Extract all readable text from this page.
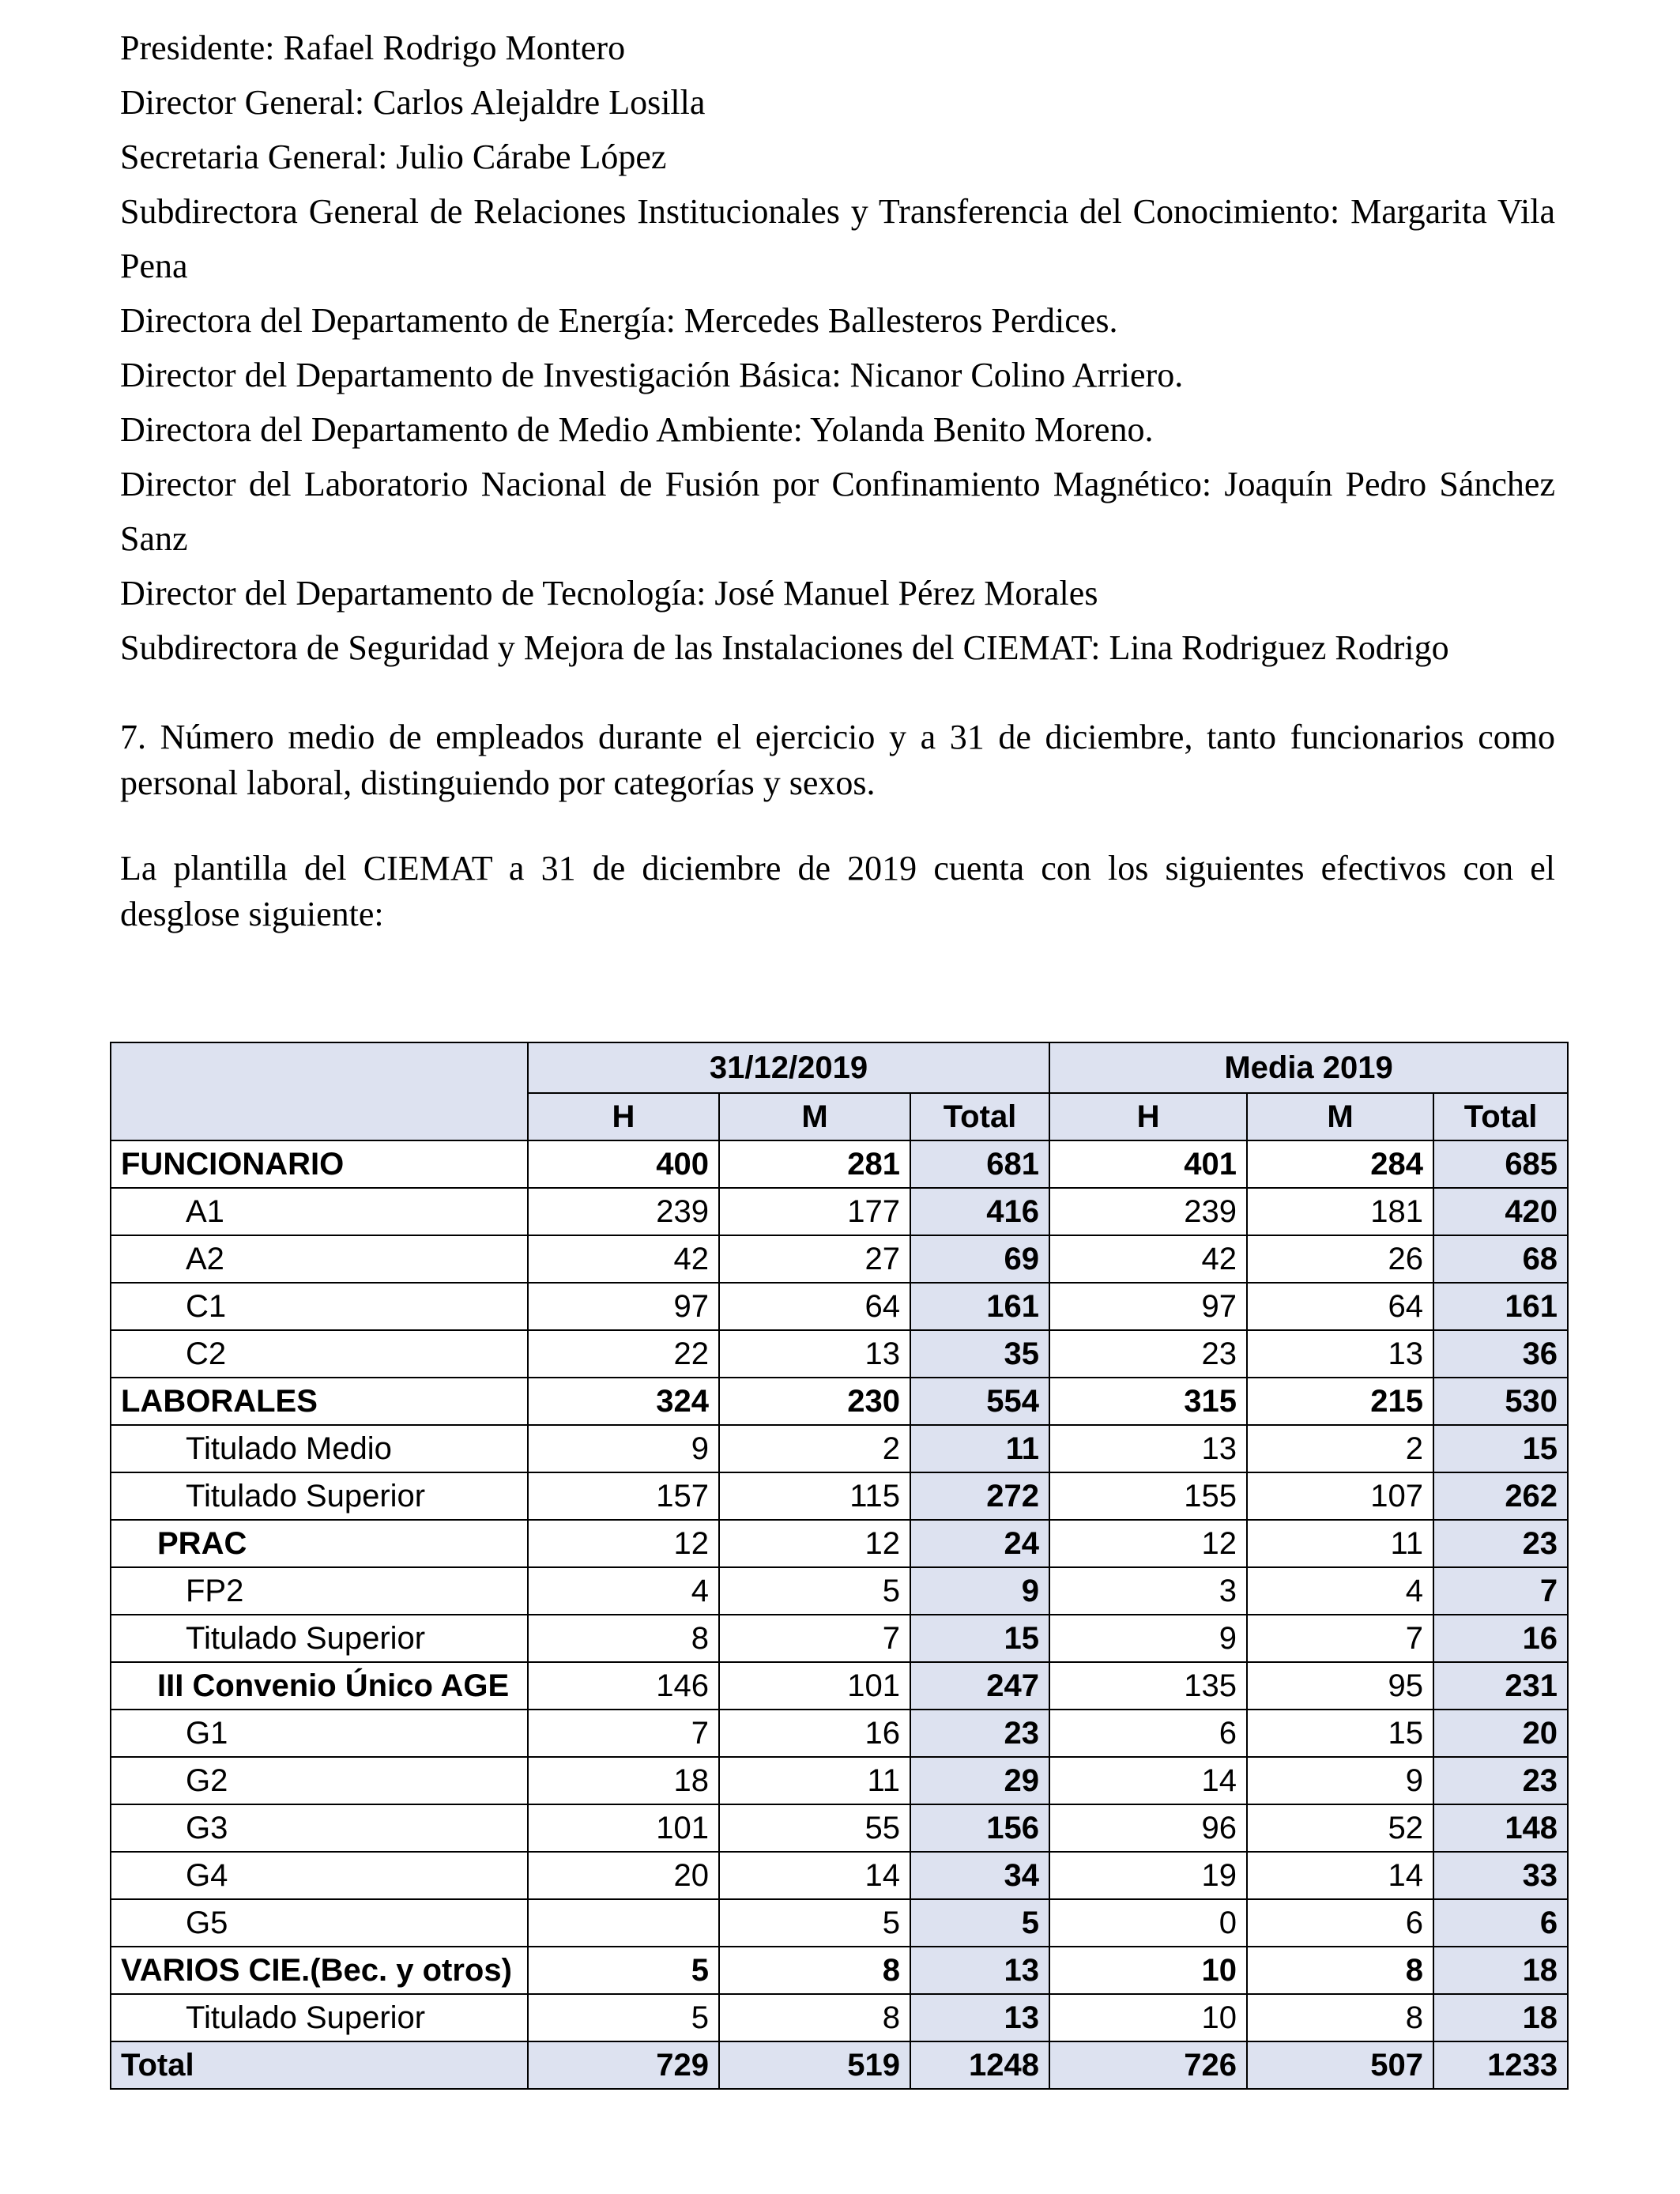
Presidente: Rafael Rodrigo Montero

Director General: Carlos Alejaldre Losilla

Secretaria General: Julio Cárabe López

Subdirectora General de Relaciones Institucionales y Transferencia del Conocimiento: Margarita Vila Pena

Directora del Departamento de Energía: Mercedes Ballesteros Perdices.

Director del Departamento de Investigación Básica: Nicanor Colino Arriero.

Directora del Departamento de Medio Ambiente: Yolanda Benito Moreno.

Director del Laboratorio Nacional de Fusión por Confinamiento Magnético: Joaquín Pedro Sánchez Sanz

Director del Departamento de Tecnología: José Manuel Pérez Morales

Subdirectora de Seguridad y Mejora de las Instalaciones del CIEMAT: Lina Rodriguez Rodrigo

7. Número medio de empleados durante el ejercicio y a 31 de diciembre, tanto funcionarios como personal laboral, distinguiendo por categorías y sexos.

La plantilla del CIEMAT a 31 de diciembre de 2019 cuenta con los siguientes efectivos con el desglose siguiente:

	31/12/2019			Media 2019		
	H	M	Total	H	M	Total
FUNCIONARIO	400	281	681	401	284	685
A1	239	177	416	239	181	420
A2	42	27	69	42	26	68
C1	97	64	161	97	64	161
C2	22	13	35	23	13	36
LABORALES	324	230	554	315	215	530
Titulado Medio	9	2	11	13	2	15
Titulado Superior	157	115	272	155	107	262
PRAC	12	12	24	12	11	23
FP2	4	5	9	3	4	7
Titulado Superior	8	7	15	9	7	16
III Convenio Único AGE	146	101	247	135	95	231
G1	7	16	23	6	15	20
G2	18	11	29	14	9	23
G3	101	55	156	96	52	148
G4	20	14	34	19	14	33
G5		5	5	0	6	6
VARIOS CIE.(Bec. y otros)	5	8	13	10	8	18
Titulado Superior	5	8	13	10	8	18
Total	729	519	1248	726	507	1233
